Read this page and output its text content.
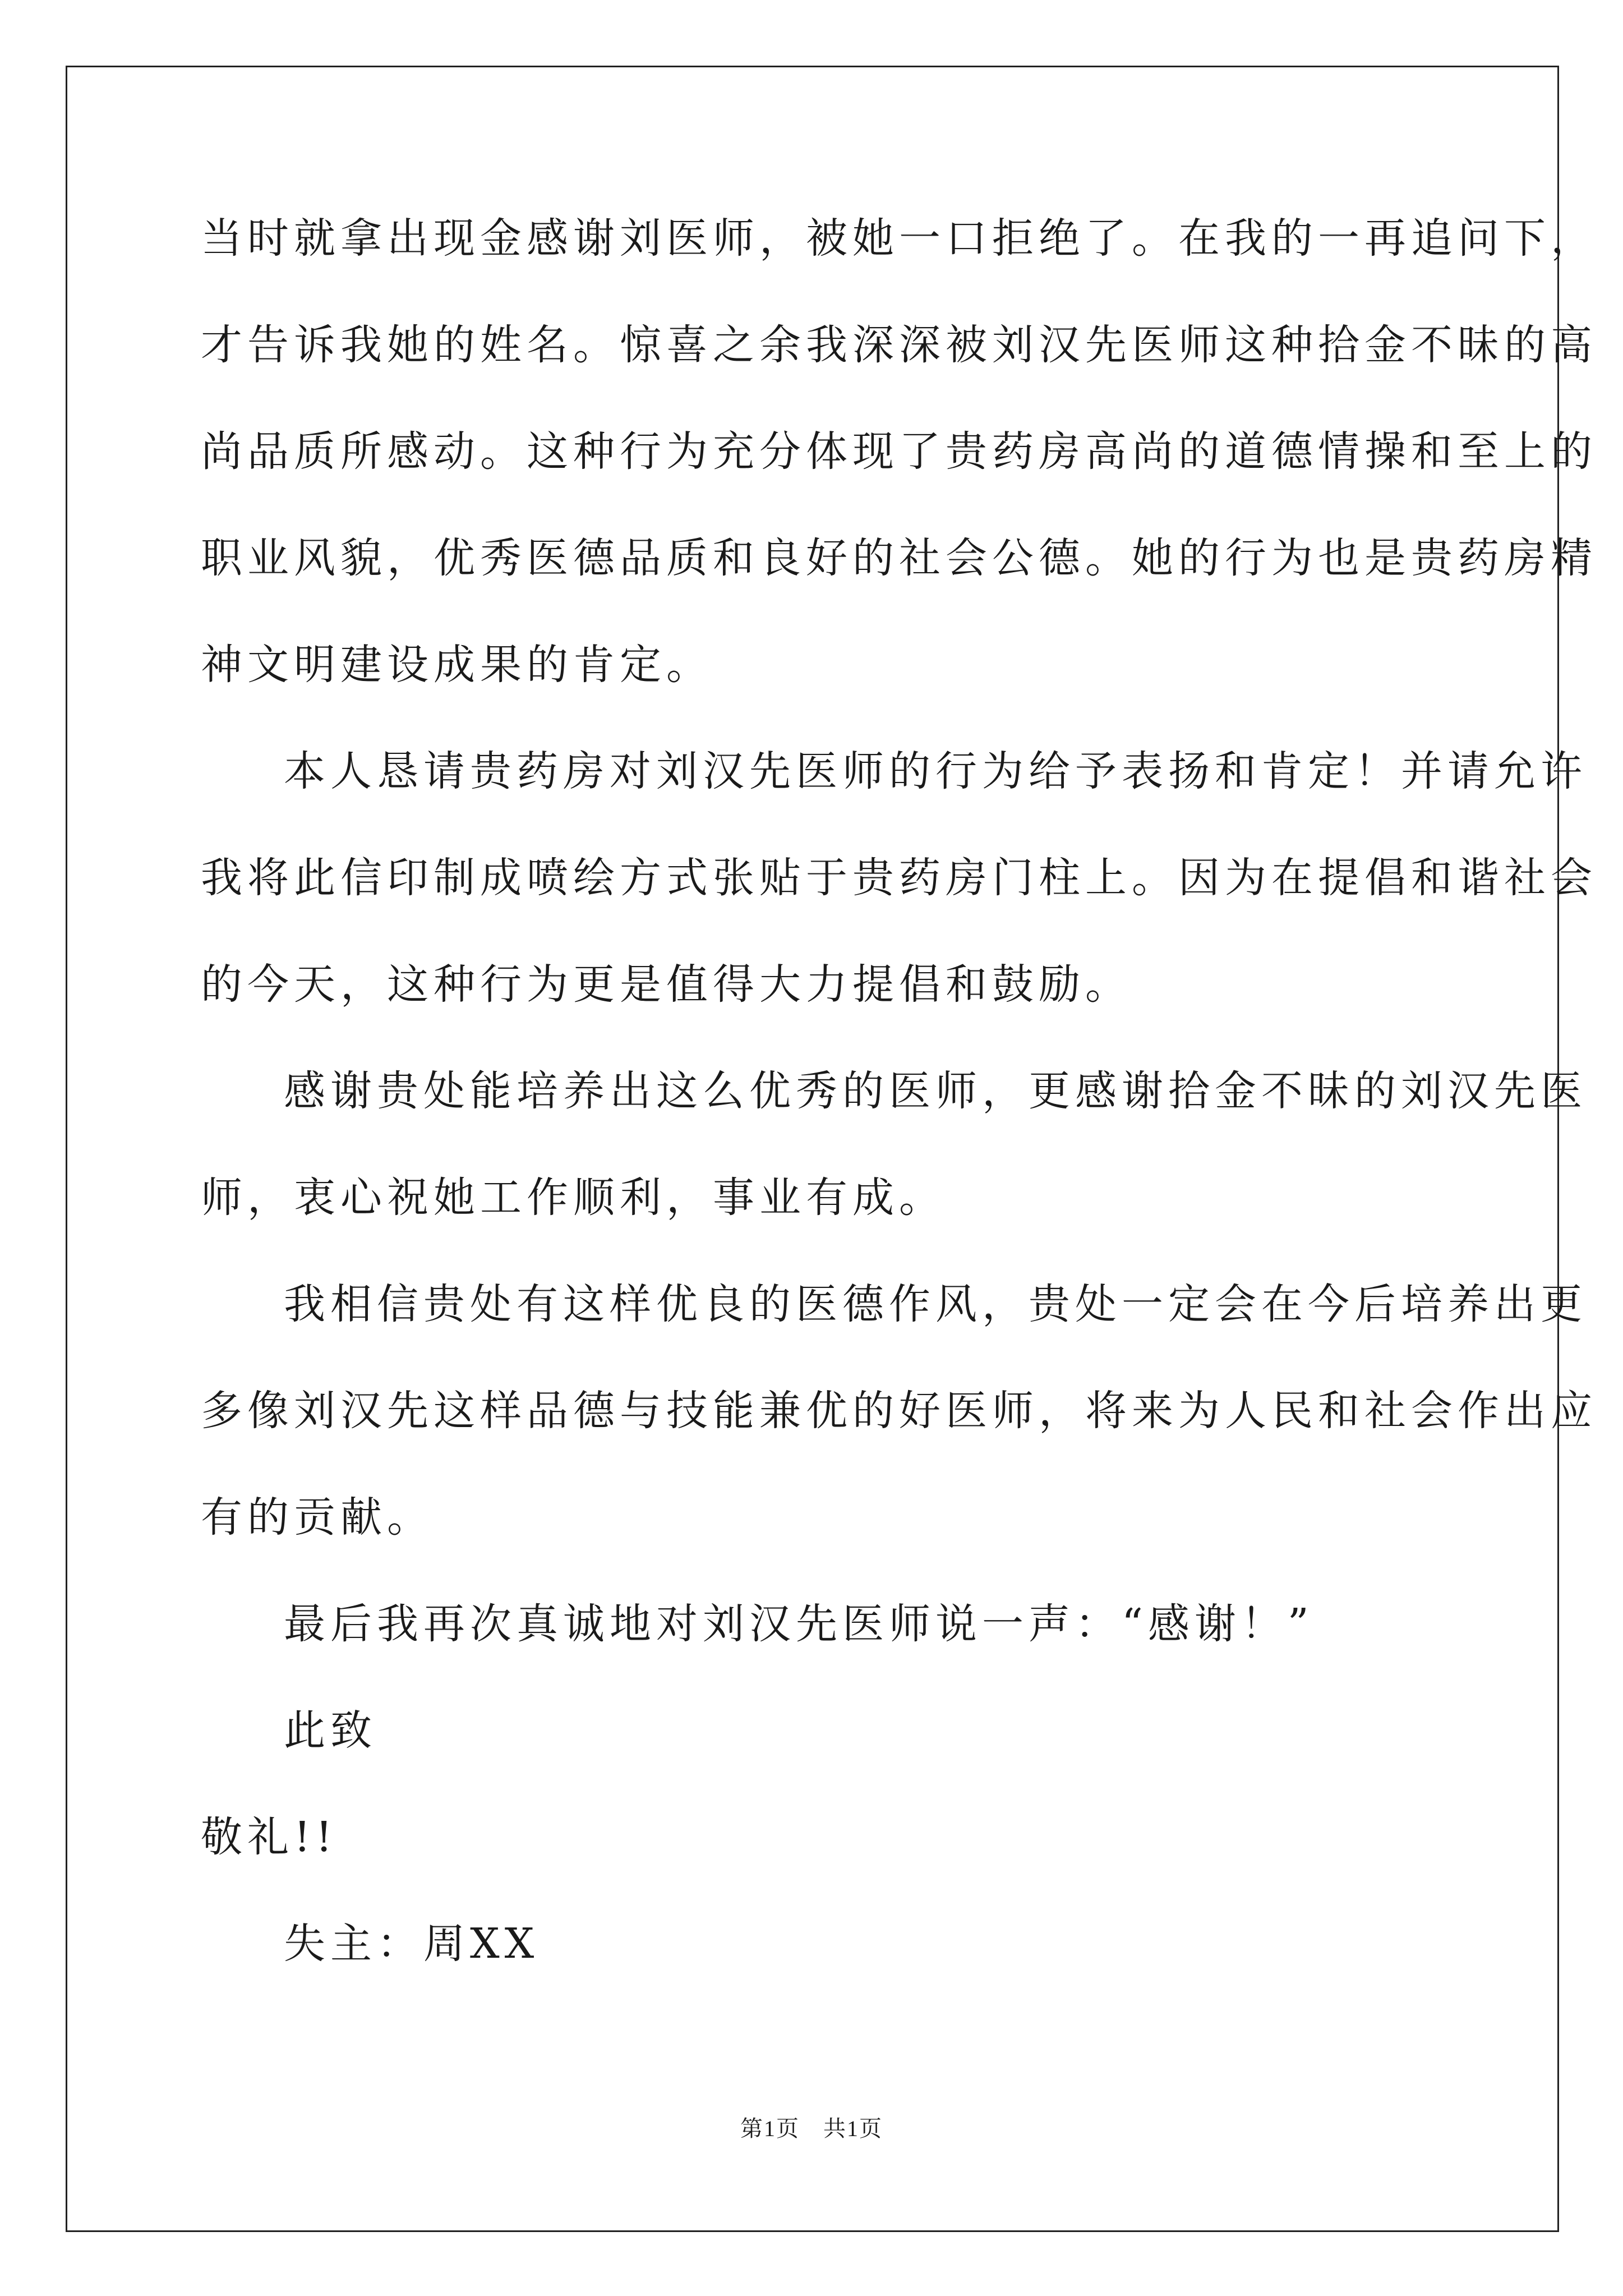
当时就拿出现金感谢刘医师，被她一口拒绝了。在我的一再追问下，
才告诉我她的姓名。惊喜之余我深深被刘汉先医师这种拾金不昧的高
尚品质所感动。这种行为充分体现了贵药房高尚的道德情操和至上的
职业风貌，优秀医德品质和良好的社会公德。她的行为也是贵药房精
神文明建设成果的肯定。
本人恳请贵药房对刘汉先医师的行为给予表扬和肯定！并请允许
我将此信印制成喷绘方式张贴于贵药房门柱上。因为在提倡和谐社会
的今天，这种行为更是值得大力提倡和鼓励。
感谢贵处能培养出这么优秀的医师，更感谢拾金不昧的刘汉先医
师，衷心祝她工作顺利，事业有成。
我相信贵处有这样优良的医德作风，贵处一定会在今后培养出更
多像刘汉先这样品德与技能兼优的好医师，将来为人民和社会作出应
有的贡献。
最后我再次真诚地对刘汉先医师说一声：“感谢！”
此致
敬礼!!
失主：周XX
第1页　共1页
